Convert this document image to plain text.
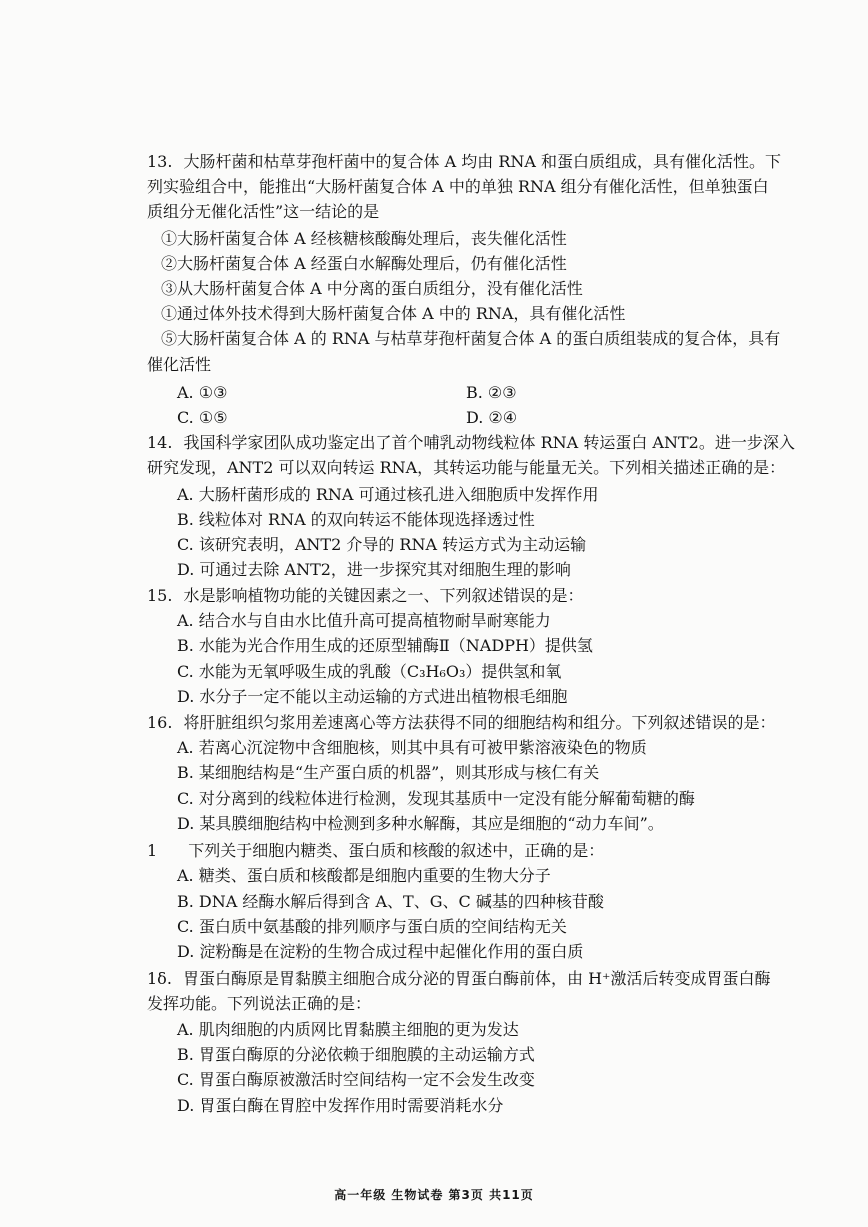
13. 大肠杆菌和枯草芽孢杆菌中的复合体 A 均由 RNA 和蛋白质组成，具有催化活性。下
列实验组合中，能推出“大肠杆菌复合体 A 中的单独 RNA 组分有催化活性，但单独蛋白
质组分无催化活性”这一结论的是
①大肠杆菌复合体 A 经核糖核酸酶处理后，丧失催化活性
②大肠杆菌复合体 A 经蛋白水解酶处理后，仍有催化活性
③从大肠杆菌复合体 A 中分离的蛋白质组分，没有催化活性
①通过体外技术得到大肠杆菌复合体 A 中的 RNA，具有催化活性
⑤大肠杆菌复合体 A 的 RNA 与枯草芽孢杆菌复合体 A 的蛋白质组装成的复合体，具有
催化活性
A. ①③	B. ②③
C. ①⑤	D. ②④
14. 我国科学家团队成功鉴定出了首个哺乳动物线粒体 RNA 转运蛋白 ANT2。进一步深入
研究发现，ANT2 可以双向转运 RNA，其转运功能与能量无关。下列相关描述正确的是：
A. 大肠杆菌形成的 RNA 可通过核孔进入细胞质中发挥作用
B. 线粒体对 RNA 的双向转运不能体现选择透过性
C. 该研究表明，ANT2 介导的 RNA 转运方式为主动运输
D. 可通过去除 ANT2，进一步探究其对细胞生理的影响
15. 水是影响植物功能的关键因素之一、下列叙述错误的是：
A. 结合水与自由水比值升高可提高植物耐旱耐寒能力
B. 水能为光合作用生成的还原型辅酶Ⅱ（NADPH）提供氢
C. 水能为无氧呼吸生成的乳酸（C₃H₆O₃）提供氢和氧
D. 水分子一定不能以主动运输的方式进出植物根毛细胞
16. 将肝脏组织匀浆用差速离心等方法获得不同的细胞结构和组分。下列叙述错误的是：
A. 若离心沉淀物中含细胞核，则其中具有可被甲紫溶液染色的物质
B. 某细胞结构是“生产蛋白质的机器”，则其形成与核仁有关
C. 对分离到的线粒体进行检测，发现其基质中一定没有能分解葡萄糖的酶
D. 某具膜细胞结构中检测到多种水解酶，其应是细胞的“动力车间”。
1 下列关于细胞内糖类、蛋白质和核酸的叙述中，正确的是：
A. 糖类、蛋白质和核酸都是细胞内重要的生物大分子
B. DNA 经酶水解后得到含 A、T、G、C 碱基的四种核苷酸
C. 蛋白质中氨基酸的排列顺序与蛋白质的空间结构无关
D. 淀粉酶是在淀粉的生物合成过程中起催化作用的蛋白质
1δ. 胃蛋白酶原是胃黏膜主细胞合成分泌的胃蛋白酶前体，由 H⁺激活后转变成胃蛋白酶
发挥功能。下列说法正确的是：
A. 肌肉细胞的内质网比胃黏膜主细胞的更为发达
B. 胃蛋白酶原的分泌依赖于细胞膜的主动运输方式
C. 胃蛋白酶原被激活时空间结构一定不会发生改变
D. 胃蛋白酶在胃腔中发挥作用时需要消耗水分
高一年级 生物试卷 第3页 共11页
